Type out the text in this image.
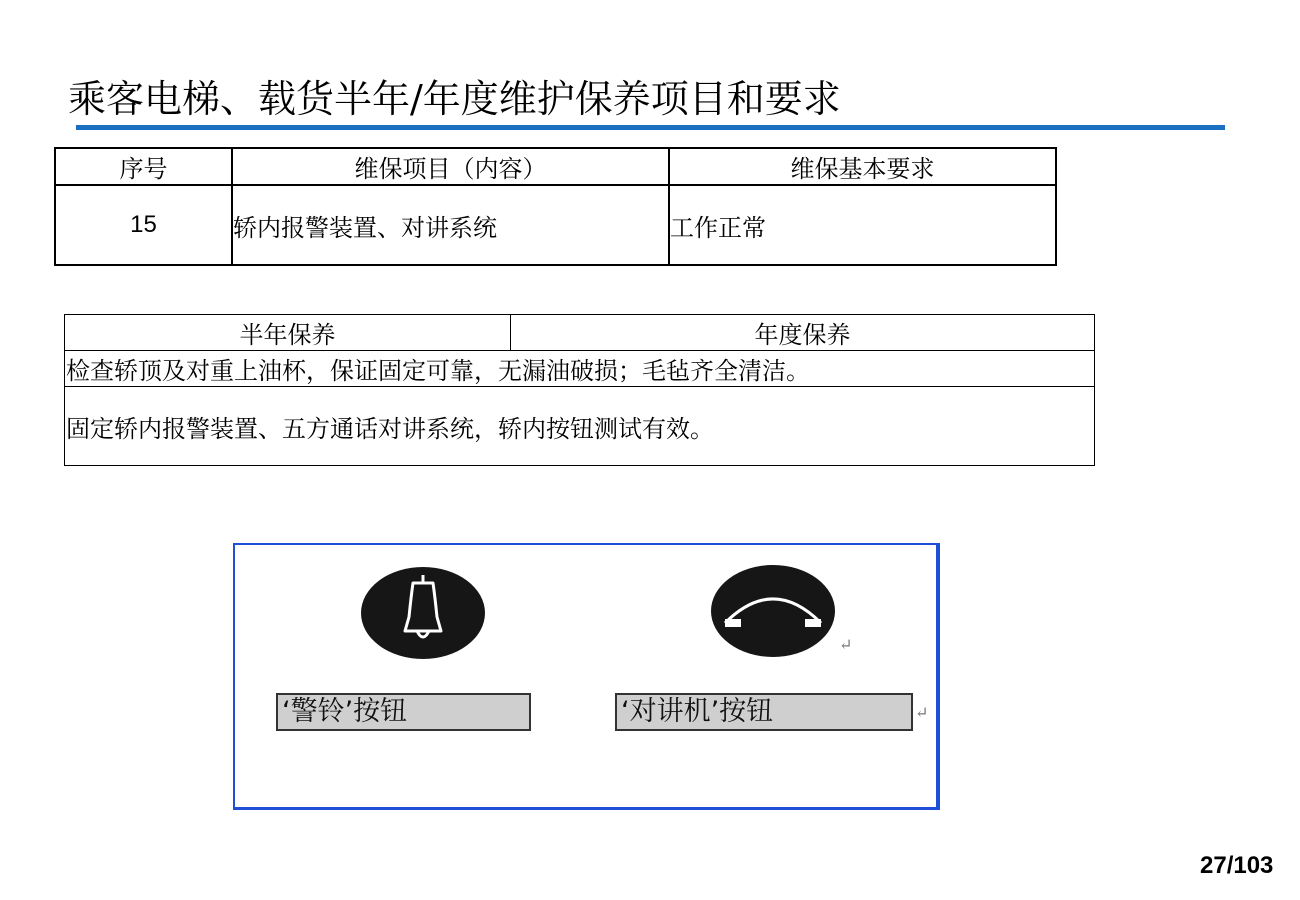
乘客电梯、载货半年/年度维护保养项目和要求
序号	维保项目（内容）	维保基本要求
15	轿内报警装置、对讲系统	工作正常
半年保养	年度保养
检查轿顶及对重上油杯，保证固定可靠，无漏油破损；毛毡齐全清洁。
固定轿内报警装置、五方通话对讲系统，轿内按钮测试有效。
↵
‘警铃’按钮	‘对讲机’按钮	↵
27/103
